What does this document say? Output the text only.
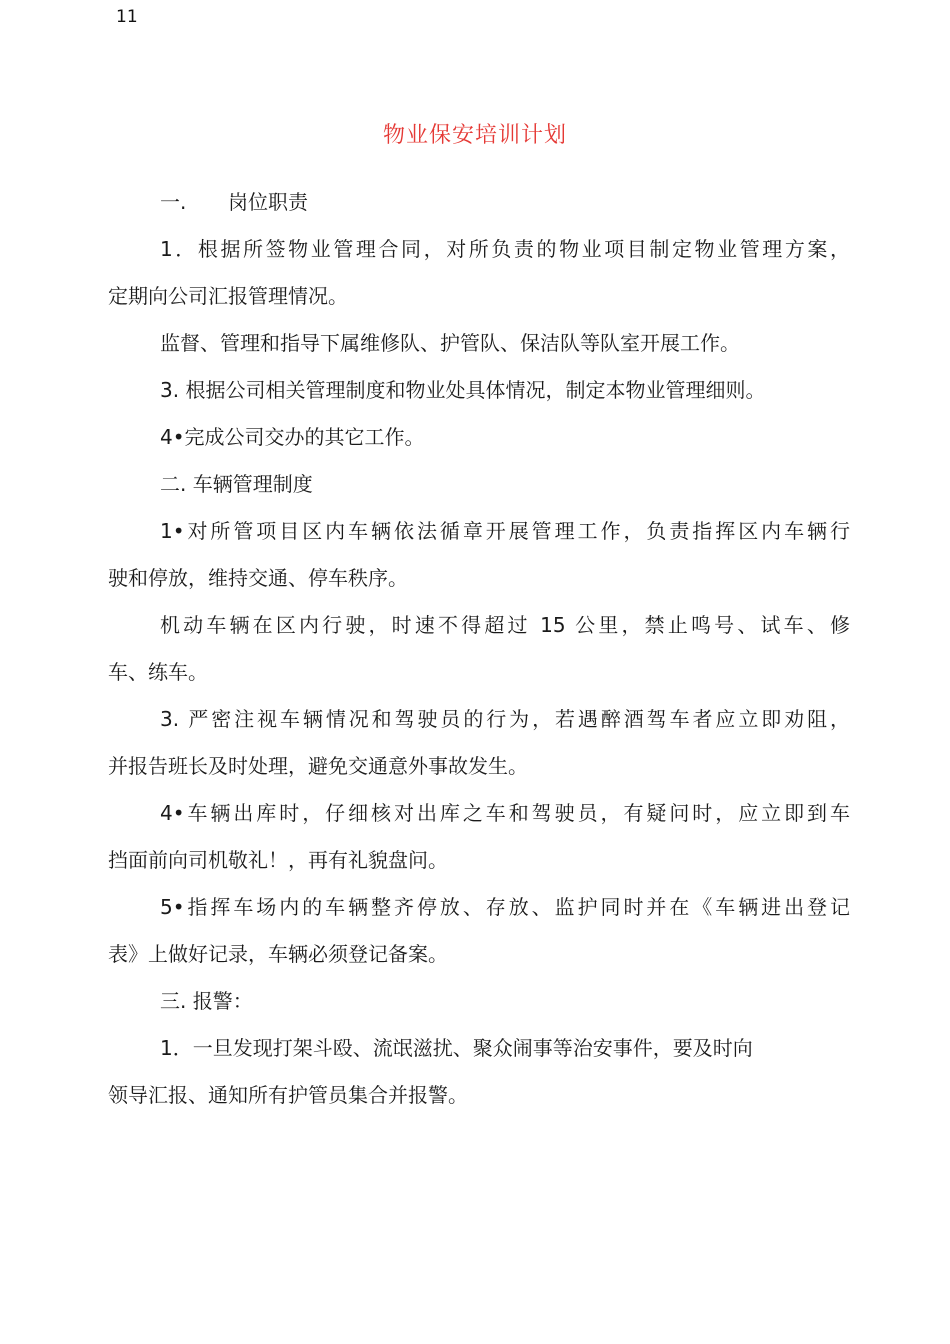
11
物业保安培训计划
一. 岗位职责
1．根据所签物业管理合同，对所负责的物业项目制定物业管理方案，
定期向公司汇报管理情况。
监督、管理和指导下属维修队、护管队、保洁队等队室开展工作。
3. 根据公司相关管理制度和物业处具体情况，制定本物业管理细则。
4•完成公司交办的其它工作。
二. 车辆管理制度
1•对所管项目区内车辆依法循章开展管理工作，负责指挥区内车辆行
驶和停放，维持交通、停车秩序。
机动车辆在区内行驶，时速不得超过 15 公里，禁止鸣号、试车、修
车、练车。
3. 严密注视车辆情况和驾驶员的行为，若遇醉酒驾车者应立即劝阻，
并报告班长及时处理，避免交通意外事故发生。
4•车辆出库时，仔细核对出库之车和驾驶员，有疑问时，应立即到车
挡面前向司机敬礼！，再有礼貌盘问。
5•指挥车场内的车辆整齐停放、存放、监护同时并在《车辆进出登记
表》上做好记录，车辆必须登记备案。
三. 报警：
1．一旦发现打架斗殴、流氓滋扰、聚众闹事等治安事件，要及时向
领导汇报、通知所有护管员集合并报警。
